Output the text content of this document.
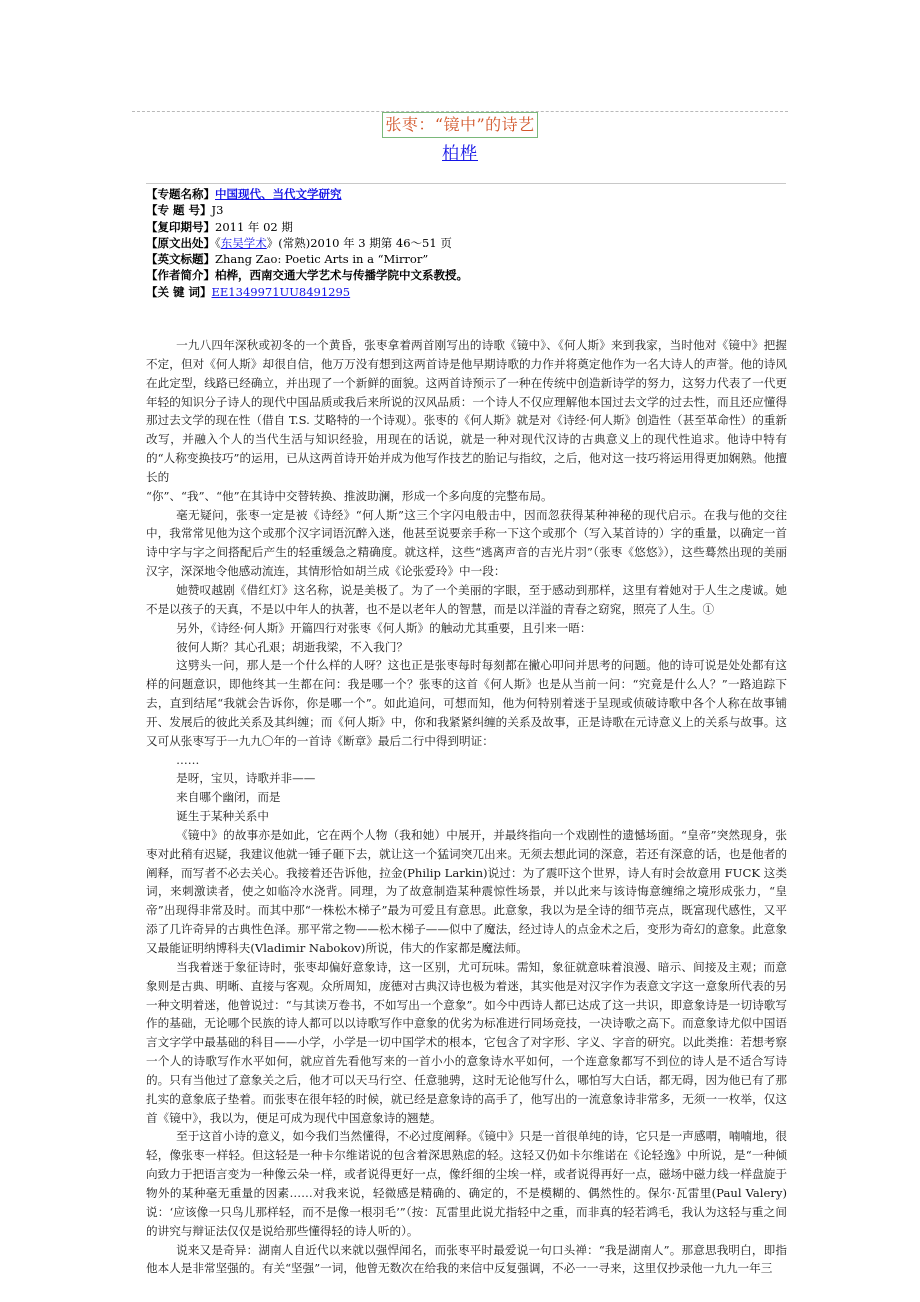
张枣：“镜中”的诗艺
柏桦
【专题名称】中国现代、当代文学研究
【专 题 号】J3
【复印期号】2011 年 02 期
【原文出处】《东吴学术》(常熟)2010 年 3 期第 46～51 页
【英文标题】Zhang Zao: Poetic Arts in a “Mirror”
【作者简介】柏桦，西南交通大学艺术与传播学院中文系教授。
【关 键 词】EE1349971UU8491295

一九八四年深秋或初冬的一个黄昏，张枣拿着两首刚写出的诗歌《镜中》、《何人斯》来到我家，当时他对《镜中》把握不定，但对《何人斯》却很自信，他万万没有想到这两首诗是他早期诗歌的力作并将奠定他作为一名大诗人的声誉。他的诗风在此定型，线路已经确立，并出现了一个新鲜的面貌。这两首诗预示了一种在传统中创造新诗学的努力，这努力代表了一代更年轻的知识分子诗人的现代中国品质或我后来所说的汉风品质：一个诗人不仅应理解他本国过去文学的过去性，而且还应懂得那过去文学的现在性（借自 T.S. 艾略特的一个诗观）。张枣的《何人斯》就是对《诗经·何人斯》创造性（甚至革命性）的重新改写，并融入个人的当代生活与知识经验，用现在的话说，就是一种对现代汉诗的古典意义上的现代性追求。他诗中特有的“人称变换技巧”的运用，已从这两首诗开始并成为他写作技艺的胎记与指纹，之后，他对这一技巧将运用得更加娴熟。他擅长的

“你”、“我”、“他”在其诗中交替转换、推波助澜，形成一个多向度的完整布局。

毫无疑问，张枣一定是被《诗经》“何人斯”这三个字闪电般击中，因而忽获得某种神秘的现代启示。在我与他的交往中，我常常见他为这个或那个汉字词语沉醉入迷，他甚至说要亲手称一下这个或那个（写入某首诗的）字的重量，以确定一首诗中字与字之间搭配后产生的轻重缓急之精确度。就这样，这些“逃离声音的吉光片羽”（张枣《悠悠》），这些蓦然出现的美丽汉字，深深地令他感动流连，其情形恰如胡兰成《论张爱玲》中一段：

她赞叹越剧《借红灯》这名称，说是美极了。为了一个美丽的字眼，至于感动到那样，这里有着她对于人生之虔诚。她不是以孩子的天真，不是以中年人的执著，也不是以老年人的智慧，而是以洋溢的青春之窈窕，照亮了人生。①

另外，《诗经·何人斯》开篇四行对张枣《何人斯》的触动尤其重要，且引来一晤：

彼何人斯？其心孔艰；胡逝我梁，不入我门？

这劈头一问，那人是一个什么样的人呀？这也正是张枣每时每刻都在撇心叩问并思考的问题。他的诗可说是处处都有这样的问题意识，即他终其一生都在问：我是哪一个？张枣的这首《何人斯》也是从当前一问：“究竟是什么人？”一路追踪下去，直到结尾“我就会告诉你，你是哪一个”。如此追问，可想而知，他为何特别着迷于呈现或侦破诗歌中各个人称在故事铺开、发展后的彼此关系及其纠缠；而《何人斯》中，你和我紧紧纠缠的关系及故事，正是诗歌在元诗意义上的关系与故事。这又可从张枣写于一九九〇年的一首诗《断章》最后二行中得到明证：

……

是呀，宝贝，诗歌并非——

来自哪个幽闭，而是

诞生于某种关系中

《镜中》的故事亦是如此，它在两个人物（我和她）中展开，并最终指向一个戏剧性的遗憾场面。“皇帝”突然现身，张枣对此稍有迟疑，我建议他就一锤子砸下去，就让这一个猛词突兀出来。无须去想此词的深意，若还有深意的话，也是他者的阐释，而写者不必去关心。我接着还告诉他，拉金(Philip Larkin)说过：为了震吓这个世界，诗人有时会故意用 FUCK 这类词，来刺激读者，使之如临冷水浇背。同理，为了故意制造某种震惊性场景，并以此来与该诗悔意缠绵之境形成张力，“皇帝”出现得非常及时。而其中那“一株松木梯子”最为可爱且有意思。此意象，我以为是全诗的细节亮点，既富现代感性，又平添了几许奇异的古典性色泽。那平常之物——松木梯子——似中了魔法，经过诗人的点金术之后，变形为奇幻的意象。此意象又最能证明纳博科夫(Vladimir Nabokov)所说，伟大的作家都是魔法师。

当我着迷于象征诗时，张枣却偏好意象诗，这一区别，尤可玩味。需知，象征就意味着浪漫、暗示、间接及主观；而意象则是古典、明晰、直接与客观。众所周知，庞德对古典汉诗也极为着迷，其实他是对汉字作为表意文字这一意象所代表的另一种文明着迷，他曾说过：“与其读万卷书，不如写出一个意象”。如今中西诗人都已达成了这一共识，即意象诗是一切诗歌写作的基础，无论哪个民族的诗人都可以以诗歌写作中意象的优劣为标准进行同场竞技，一决诗歌之高下。而意象诗尤似中国语言文字学中最基础的科目——小学，小学是一切中国学术的根本，它包含了对字形、字义、字音的研究。以此类推：若想考察一个人的诗歌写作水平如何，就应首先看他写来的一首小小的意象诗水平如何，一个连意象都写不到位的诗人是不适合写诗的。只有当他过了意象关之后，他才可以天马行空、任意驰骋，这时无论他写什么，哪怕写大白话，都无碍，因为他已有了那扎实的意象底子垫着。而张枣在很年轻的时候，就已经是意象诗的高手了，他写出的一流意象诗非常多，无须一一枚举，仅这首《镜中》，我以为，便足可成为现代中国意象诗的翘楚。

至于这首小诗的意义，如今我们当然懂得，不必过度阐释。《镜中》只是一首很单纯的诗，它只是一声感喟，喃喃地，很轻，像张枣一样轻。但这轻是一种卡尔维诺说的包含着深思熟虑的轻。这轻又仍如卡尔维诺在《论轻逸》中所说，是“一种倾向致力于把语言变为一种像云朵一样，或者说得更好一点，像纤细的尘埃一样，或者说得再好一点，磁场中磁力线一样盘旋于物外的某种毫无重量的因素……对我来说，轻微感是精确的、确定的，不是模糊的、偶然性的。保尔·瓦雷里(Paul Valery)说：‘应该像一只鸟儿那样轻，而不是像一根羽毛’”（按：瓦雷里此说尤指轻中之重，而非真的轻若鸿毛，我认为这轻与重之间的讲究与辩证法仅仅是说给那些懂得轻的诗人听的）。

说来又是奇异：湖南人自近代以来就以强悍闻名，而张枣平时最爱说一句口头禅：“我是湖南人”。那意思我明白，即指他本人是非常坚强的。有关“坚强”一词，他曾无数次在给我的来信中反复强调，不必一一寻来，这里仅抄录他一九九一年三
